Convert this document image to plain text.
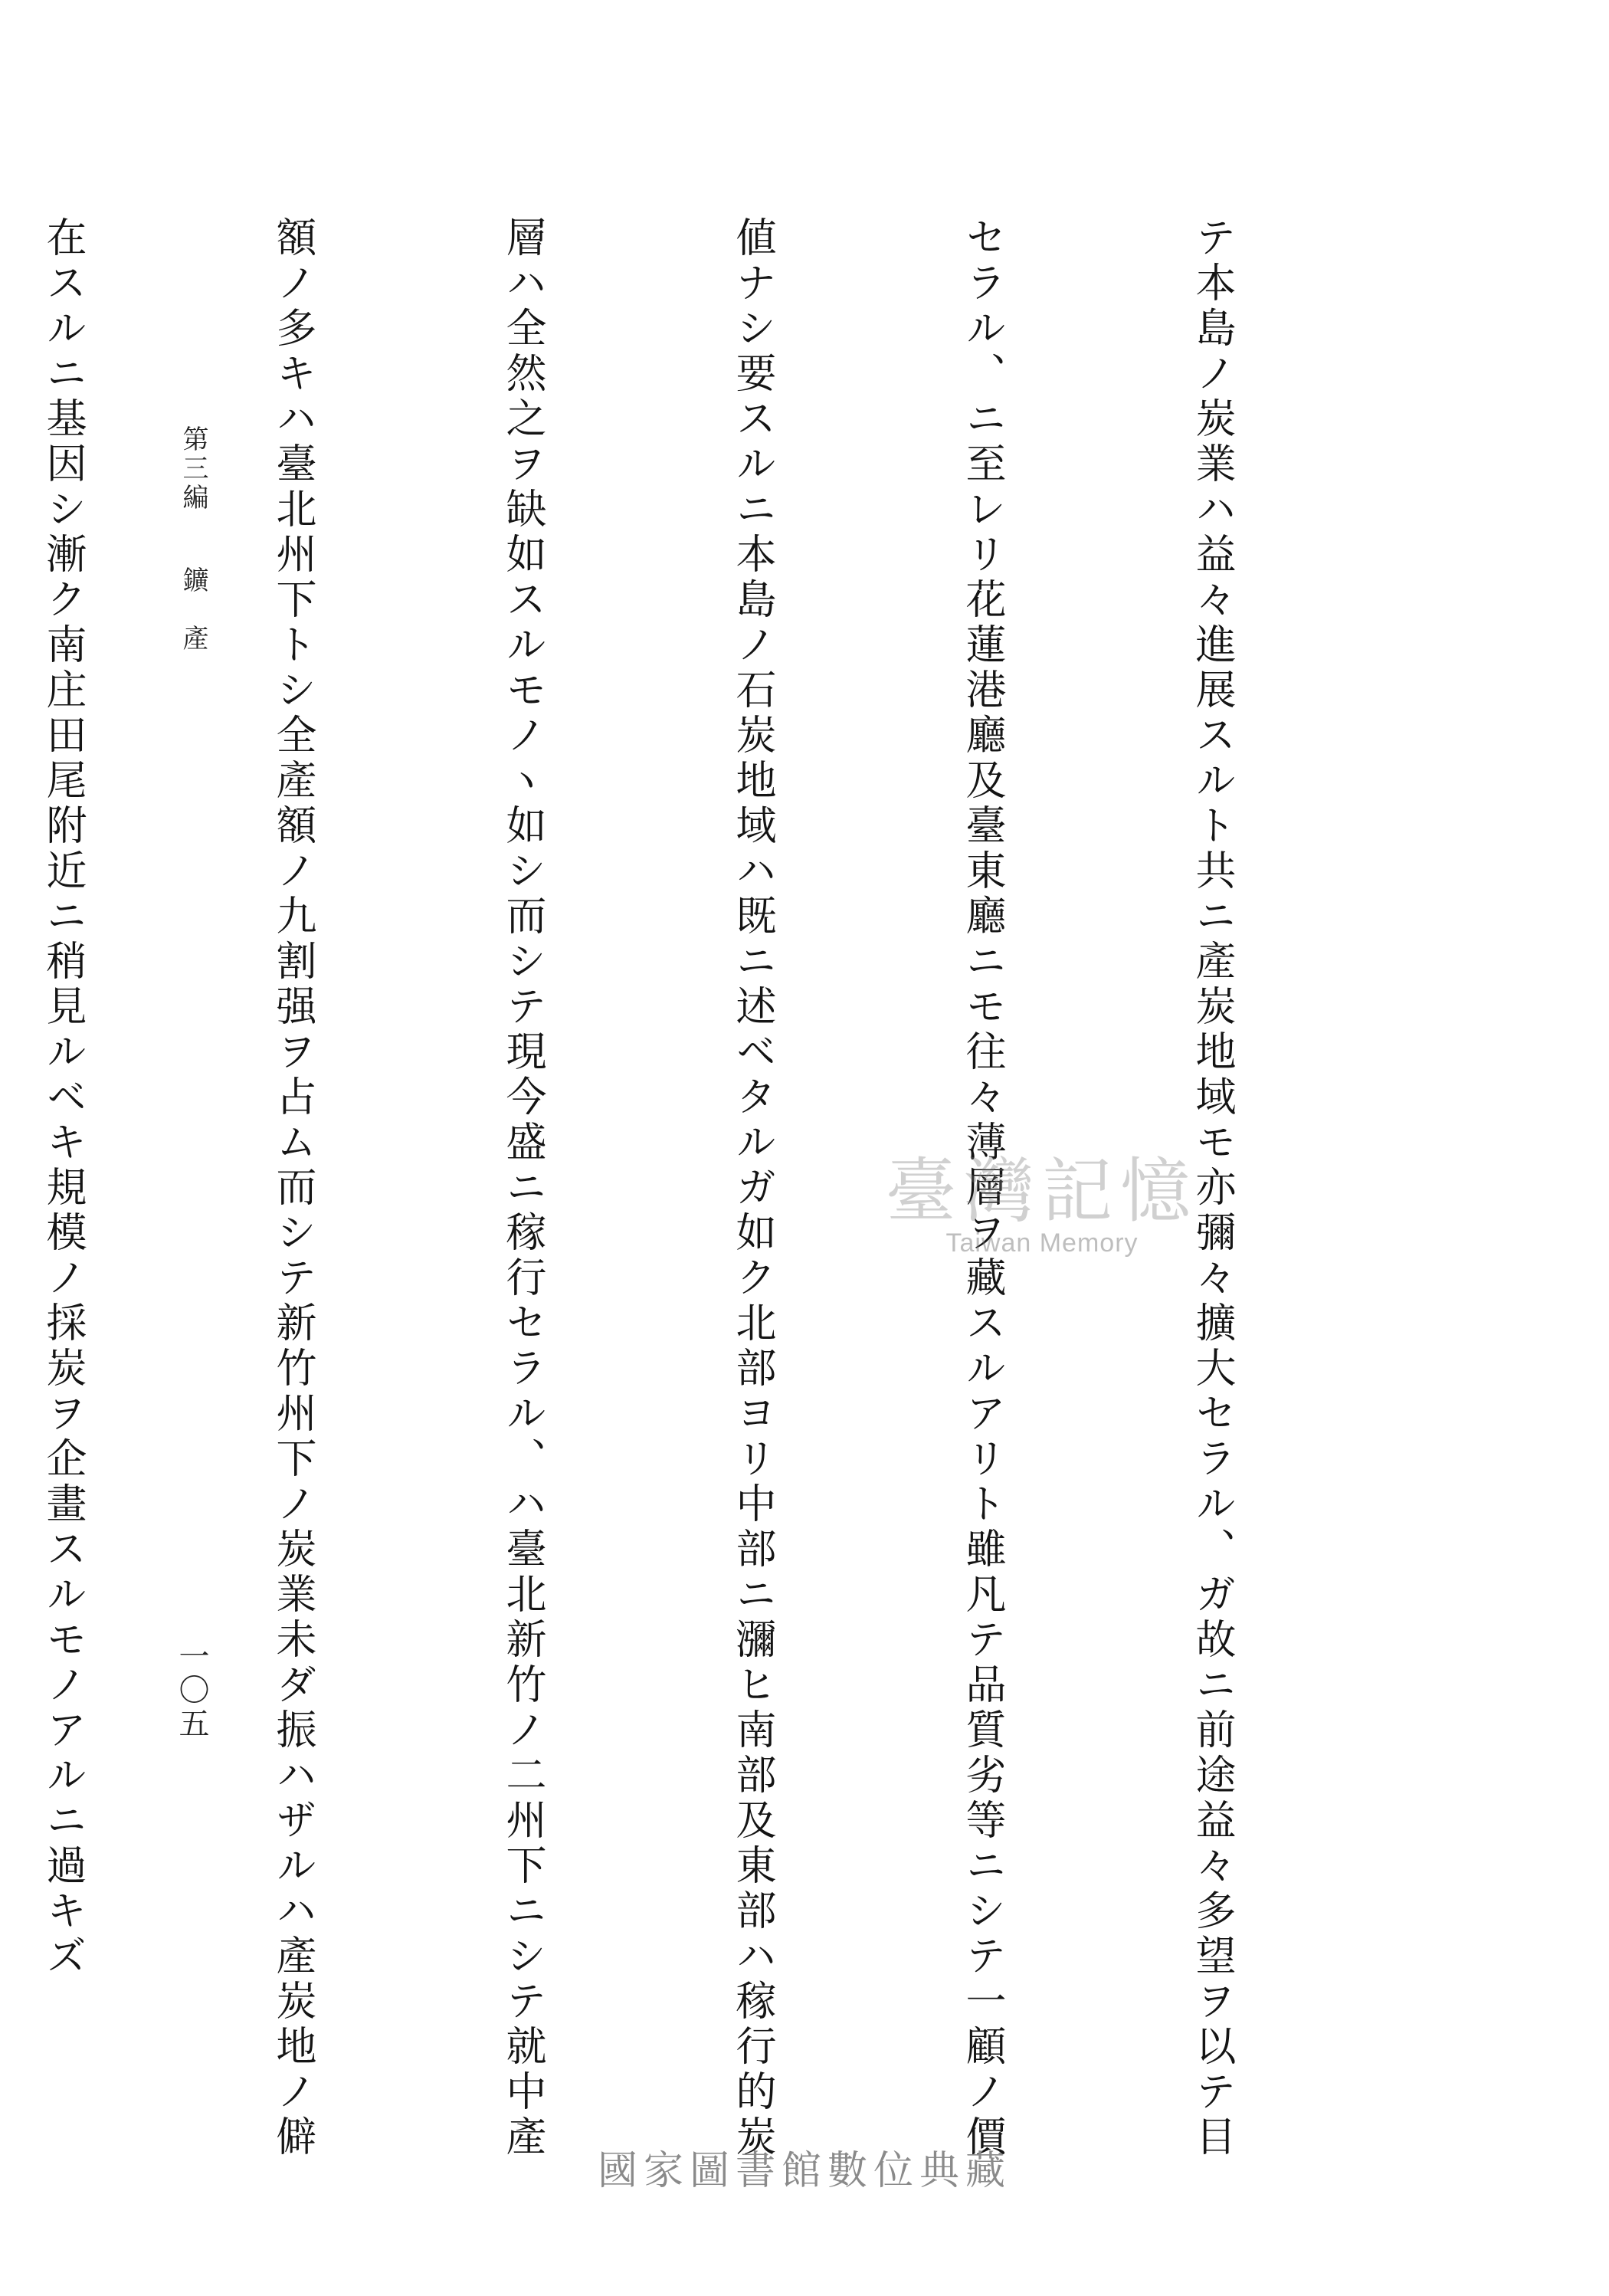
テ本島ノ炭業ハ益々進展スルト共ニ產炭地域モ亦彌々擴大セラル、ガ故ニ前途益々多望ヲ以テ目

セラル、ニ至レリ花蓮港廳及臺東廳ニモ往々薄層ヲ藏スルアリト雖凡テ品質劣等ニシテ一顧ノ價

値ナシ要スルニ本島ノ石炭地域ハ既ニ述ベタルガ如ク北部ヨリ中部ニ瀰ヒ南部及東部ハ稼行的炭

層ハ全然之ヲ缺如スルモノヽ如シ而シテ現今盛ニ稼行セラル、ハ臺北新竹ノ二州下ニシテ就中產

額ノ多キハ臺北州下トシ全產額ノ九割强ヲ占ム而シテ新竹州下ノ炭業未ダ振ハザルハ產炭地ノ僻

在スルニ基因シ漸ク南庄田尾附近ニ稍見ルベキ規模ノ採炭ヲ企畫スルモノアルニ過キズ

	第三編鑛　產
一〇五
臺灣記憶
Taiwan Memory
國家圖書館數位典藏
